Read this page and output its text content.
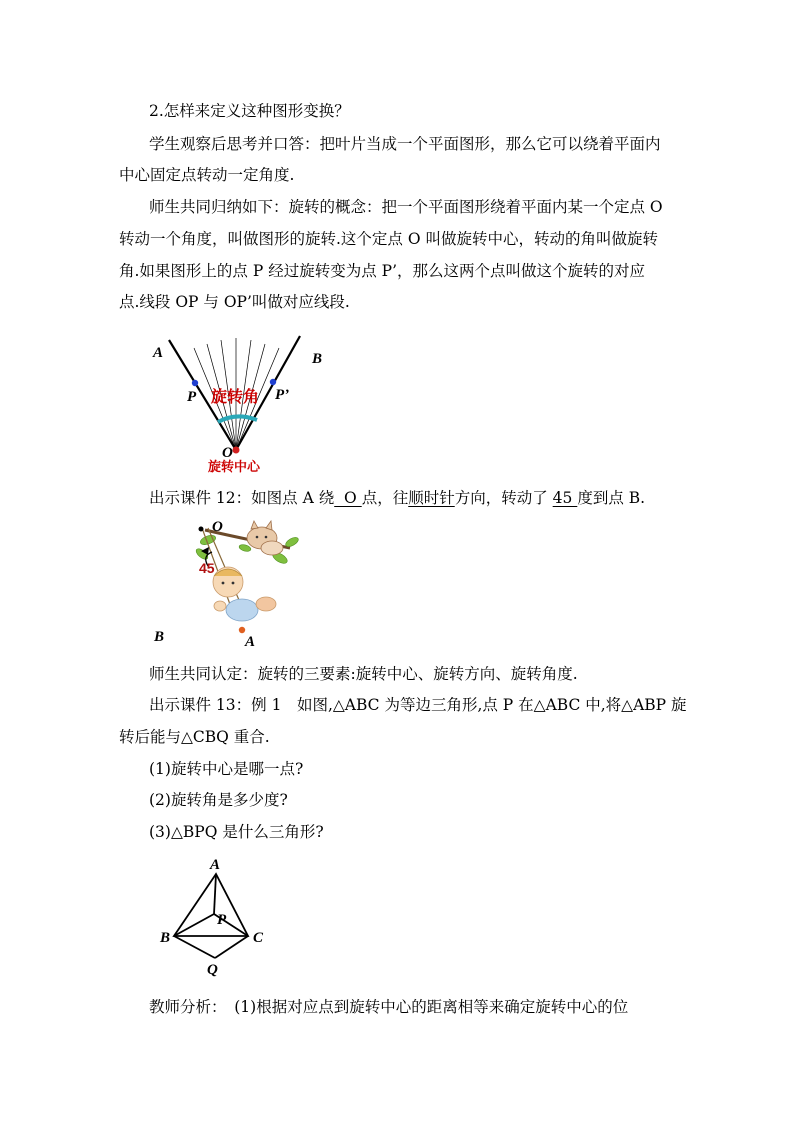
2.怎样来定义这种图形变换？

学生观察后思考并口答：把叶片当成一个平面图形，那么它可以绕着平面内

中心固定点转动一定角度.

师生共同归纳如下：旋转的概念：把一个平面图形绕着平面内某一个定点 O

转动一个角度，叫做图形的旋转.这个定点 O 叫做旋转中心，转动的角叫做旋转

角.如果图形上的点 P 经过旋转变为点 P’，那么这两个点叫做这个旋转的对应

点.线段 OP 与 OP’叫做对应线段.

A	B
P	P’
O
旋转角
旋转中心

出示课件 12：如图点 A 绕  O 点，往顺时针方向，转动了 45 度到点 B.

O
45
B	A

师生共同认定：旋转的三要素:旋转中心、旋转方向、旋转角度.

出示课件 13：例 1　如图,△ABC 为等边三角形,点 P 在△ABC 中,将△ABP 旋

转后能与△CBQ 重合.

(1)旋转中心是哪一点?

(2)旋转角是多少度?

(3)△BPQ 是什么三角形?

A
B	C
P
Q

教师分析：　(1)根据对应点到旋转中心的距离相等来确定旋转中心的位
